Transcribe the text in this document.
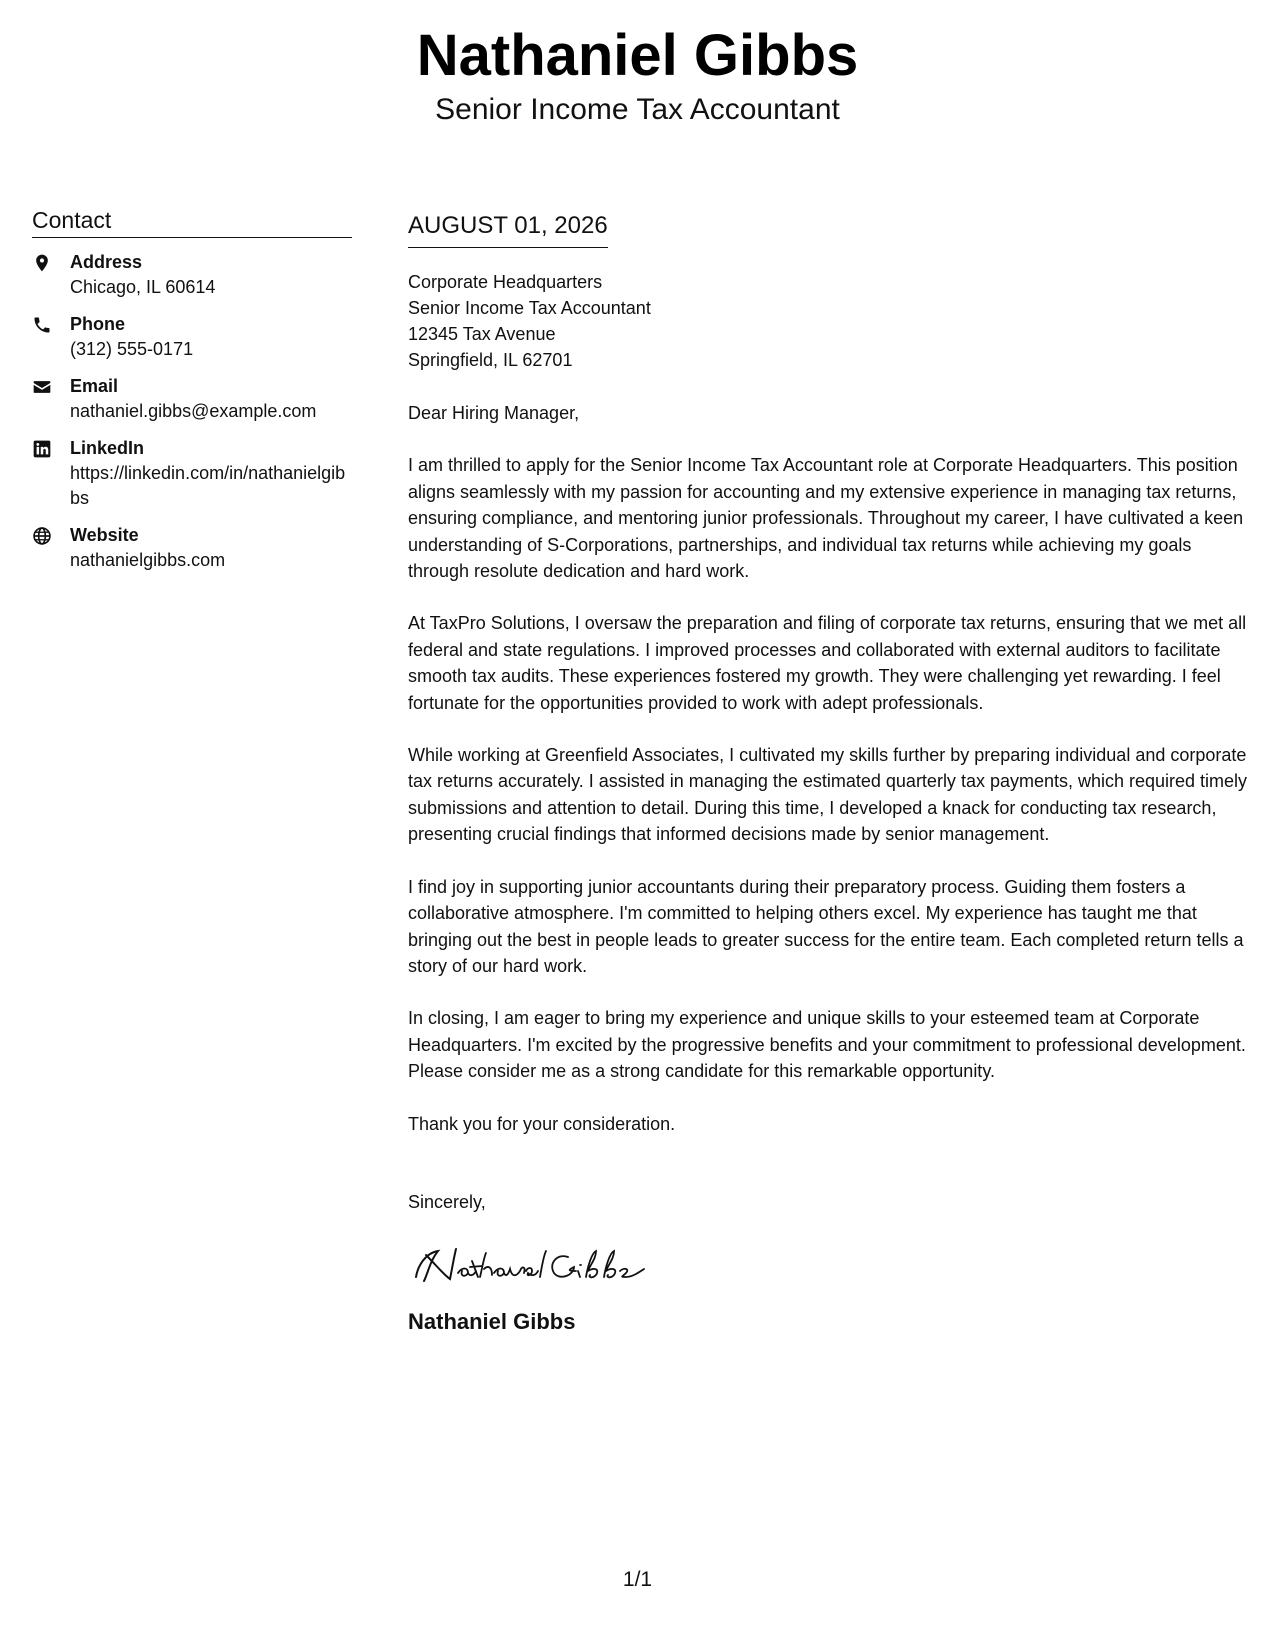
Nathaniel Gibbs
Senior Income Tax Accountant
Contact
Address
Chicago, IL 60614
Phone
(312) 555-0171
Email
nathaniel.gibbs@example.com
LinkedIn
https://linkedin.com/in/nathanielgibbs
Website
nathanielgibbs.com
AUGUST 01, 2026
Corporate Headquarters
Senior Income Tax Accountant
12345 Tax Avenue
Springfield, IL 62701
Dear Hiring Manager,

I am thrilled to apply for the Senior Income Tax Accountant role at Corporate Headquarters. This position aligns seamlessly with my passion for accounting and my extensive experience in managing tax returns, ensuring compliance, and mentoring junior professionals. Throughout my career, I have cultivated a keen understanding of S-Corporations, partnerships, and individual tax returns while achieving my goals through resolute dedication and hard work.

At TaxPro Solutions, I oversaw the preparation and filing of corporate tax returns, ensuring that we met all federal and state regulations. I improved processes and collaborated with external auditors to facilitate smooth tax audits. These experiences fostered my growth. They were challenging yet rewarding. I feel fortunate for the opportunities provided to work with adept professionals.

While working at Greenfield Associates, I cultivated my skills further by preparing individual and corporate tax returns accurately. I assisted in managing the estimated quarterly tax payments, which required timely submissions and attention to detail. During this time, I developed a knack for conducting tax research, presenting crucial findings that informed decisions made by senior management.

I find joy in supporting junior accountants during their preparatory process. Guiding them fosters a collaborative atmosphere. I'm committed to helping others excel. My experience has taught me that bringing out the best in people leads to greater success for the entire team. Each completed return tells a story of our hard work.

In closing, I am eager to bring my experience and unique skills to your esteemed team at Corporate Headquarters. I'm excited by the progressive benefits and your commitment to professional development. Please consider me as a strong candidate for this remarkable opportunity.

Thank you for your consideration.
Sincerely,
Nathaniel Gibbs
1/1
